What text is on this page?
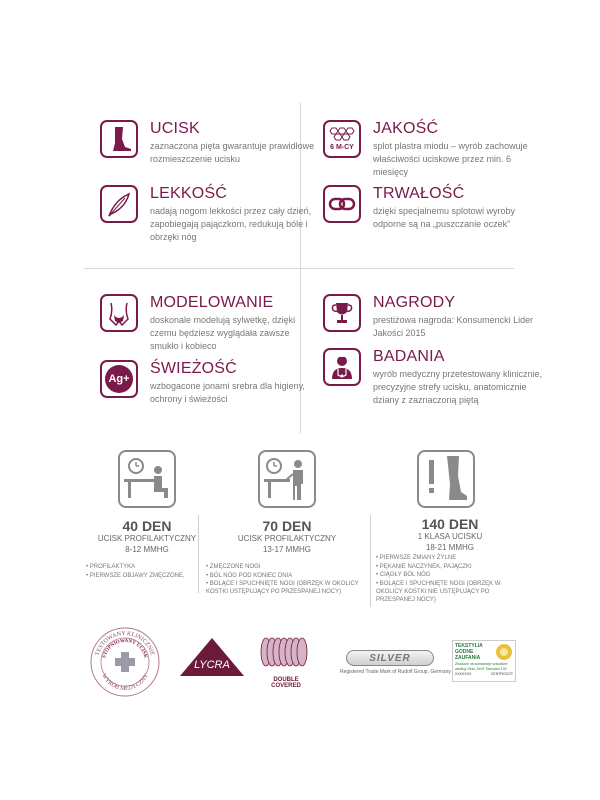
UCISK
zaznaczona pięta gwarantuje prawidłowe rozmieszczenie ucisku
LEKKOŚĆ
nadają nogom lekkości przez cały dzień, zapobiegają pajączkom, redukują bóle i obrzęki nóg
6 M-CY
JAKOŚĆ
splot plastra miodu – wyrób zachowuje właściwości uciskowe przez min. 6 miesięcy
TRWAŁOŚĆ
dzięki specjalnemu splotowi wyroby odporne są na „puszczanie oczek”
MODELOWANIE
doskonale modelują sylwetkę, dzięki czemu będziesz wyglądała zawsze smukło i kobieco
Ag+
ŚWIEŻOŚĆ
wzbogacone jonami srebra dla higieny, ochrony i świeżości
NAGRODY
prestiżowa nagroda: Konsumencki Lider Jakości 2015
BADANIA
wyrób medyczny przetestowany klinicznie, precyzyjne strefy ucisku, anatomicznie dziany z zaznaczoną piętą
40 DEN
UCISK PROFILAKTYCZNY
8-12 MMHG
• PROFILAKTYKA
• PIERWSZE OBJAWY ZMĘCZONE,
70 DEN
UCISK PROFILAKTYCZNY
13-17 MMHG
• ZMĘCZONE NOGI
• BÓL NÓG POD KONIEC DNIA
• BOLĄCE I SPUCHNIĘTE NOGI (OBRZĘK W OKOLICY KOSTKI USTĘPUJĄCY PO PRZESPANEJ NOCY)
140 DEN
1 KLASA UCISKU
18-21 MMHG
• PIERWSZE ZMIANY ŻYLNE
• PĘKANIE NACZYNEK, PAJĄCZKI
• CIĄGŁY BÓL NÓG
• BOLĄCE I SPUCHNIĘTE NOGI (OBRZĘK W OKOLICY KOSTKI NIE USTĘPUJĄCY PO PRZESPANEJ NOCY)
TESTOWANY KLINICZNIE
STOPNIOWANY UCISK
WYRÓB MEDYCZNY
LYCRA
DOUBLE COVERED
SILVER
Registered Trade Mark of Rudolf Group, Germany
TEKSTYLIA GODNE ZAUFANIA
Zbadane na substancje szkodliwe według Oeko-Tex® Standard 100
XXXXXXX	CENTROCOT
